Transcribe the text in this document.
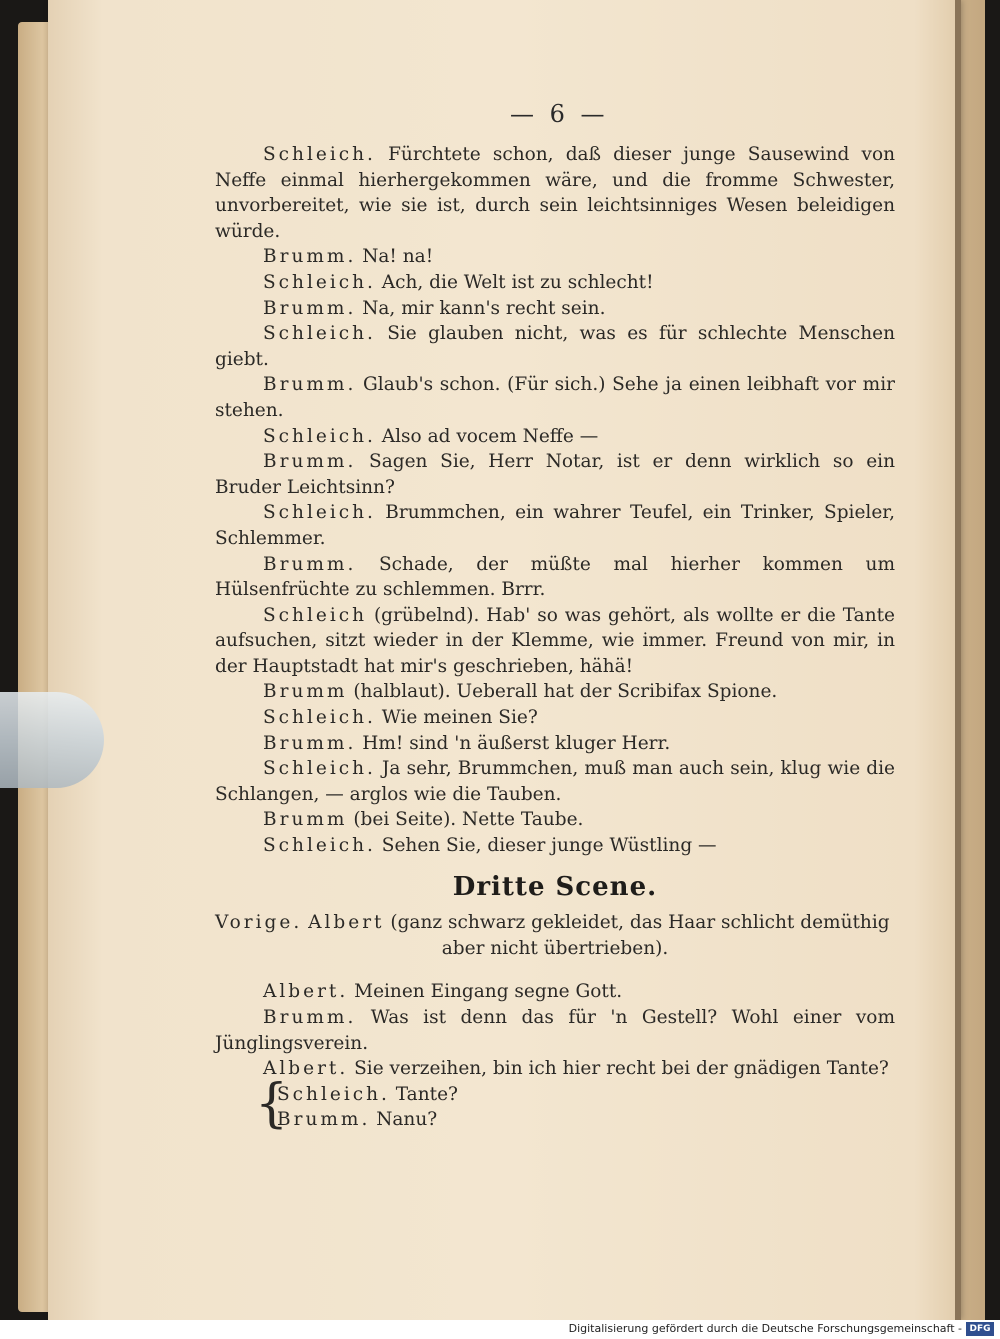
— 6 —

Schleich. Fürchtete schon, daß dieser junge Sausewind von Neffe einmal hierhergekommen wäre, und die fromme Schwester, unvorbereitet, wie sie ist, durch sein leichtsinniges Wesen beleidigen würde.

Brumm. Na! na!

Schleich. Ach, die Welt ist zu schlecht!

Brumm. Na, mir kann's recht sein.

Schleich. Sie glauben nicht, was es für schlechte Menschen giebt.

Brumm. Glaub's schon. (Für sich.) Sehe ja einen leibhaft vor mir stehen.

Schleich. Also ad vocem Neffe —

Brumm. Sagen Sie, Herr Notar, ist er denn wirklich so ein Bruder Leichtsinn?

Schleich. Brummchen, ein wahrer Teufel, ein Trinker, Spieler, Schlemmer.

Brumm. Schade, der müßte mal hierher kommen um Hülsenfrüchte zu schlemmen. Brrr.

Schleich (grübelnd). Hab' so was gehört, als wollte er die Tante aufsuchen, sitzt wieder in der Klemme, wie immer. Freund von mir, in der Hauptstadt hat mir's geschrieben, hähä!

Brumm (halblaut). Ueberall hat der Scribifax Spione.

Schleich. Wie meinen Sie?

Brumm. Hm! sind 'n äußerst kluger Herr.

Schleich. Ja sehr, Brummchen, muß man auch sein, klug wie die Schlangen, — arglos wie die Tauben.

Brumm (bei Seite). Nette Taube.

Schleich. Sehen Sie, dieser junge Wüstling —

Dritte Scene.

Vorige. Albert (ganz schwarz gekleidet, das Haar schlicht demüthig
aber nicht übertrieben).

Albert. Meinen Eingang segne Gott.

Brumm. Was ist denn das für 'n Gestell? Wohl einer vom Jünglingsverein.

Albert. Sie verzeihen, bin ich hier recht bei der gnädigen Tante?

{

Schleich. Tante?

Brumm. Nanu?

Digitalisierung gefördert durch die Deutsche Forschungsgemeinschaft - DFG
